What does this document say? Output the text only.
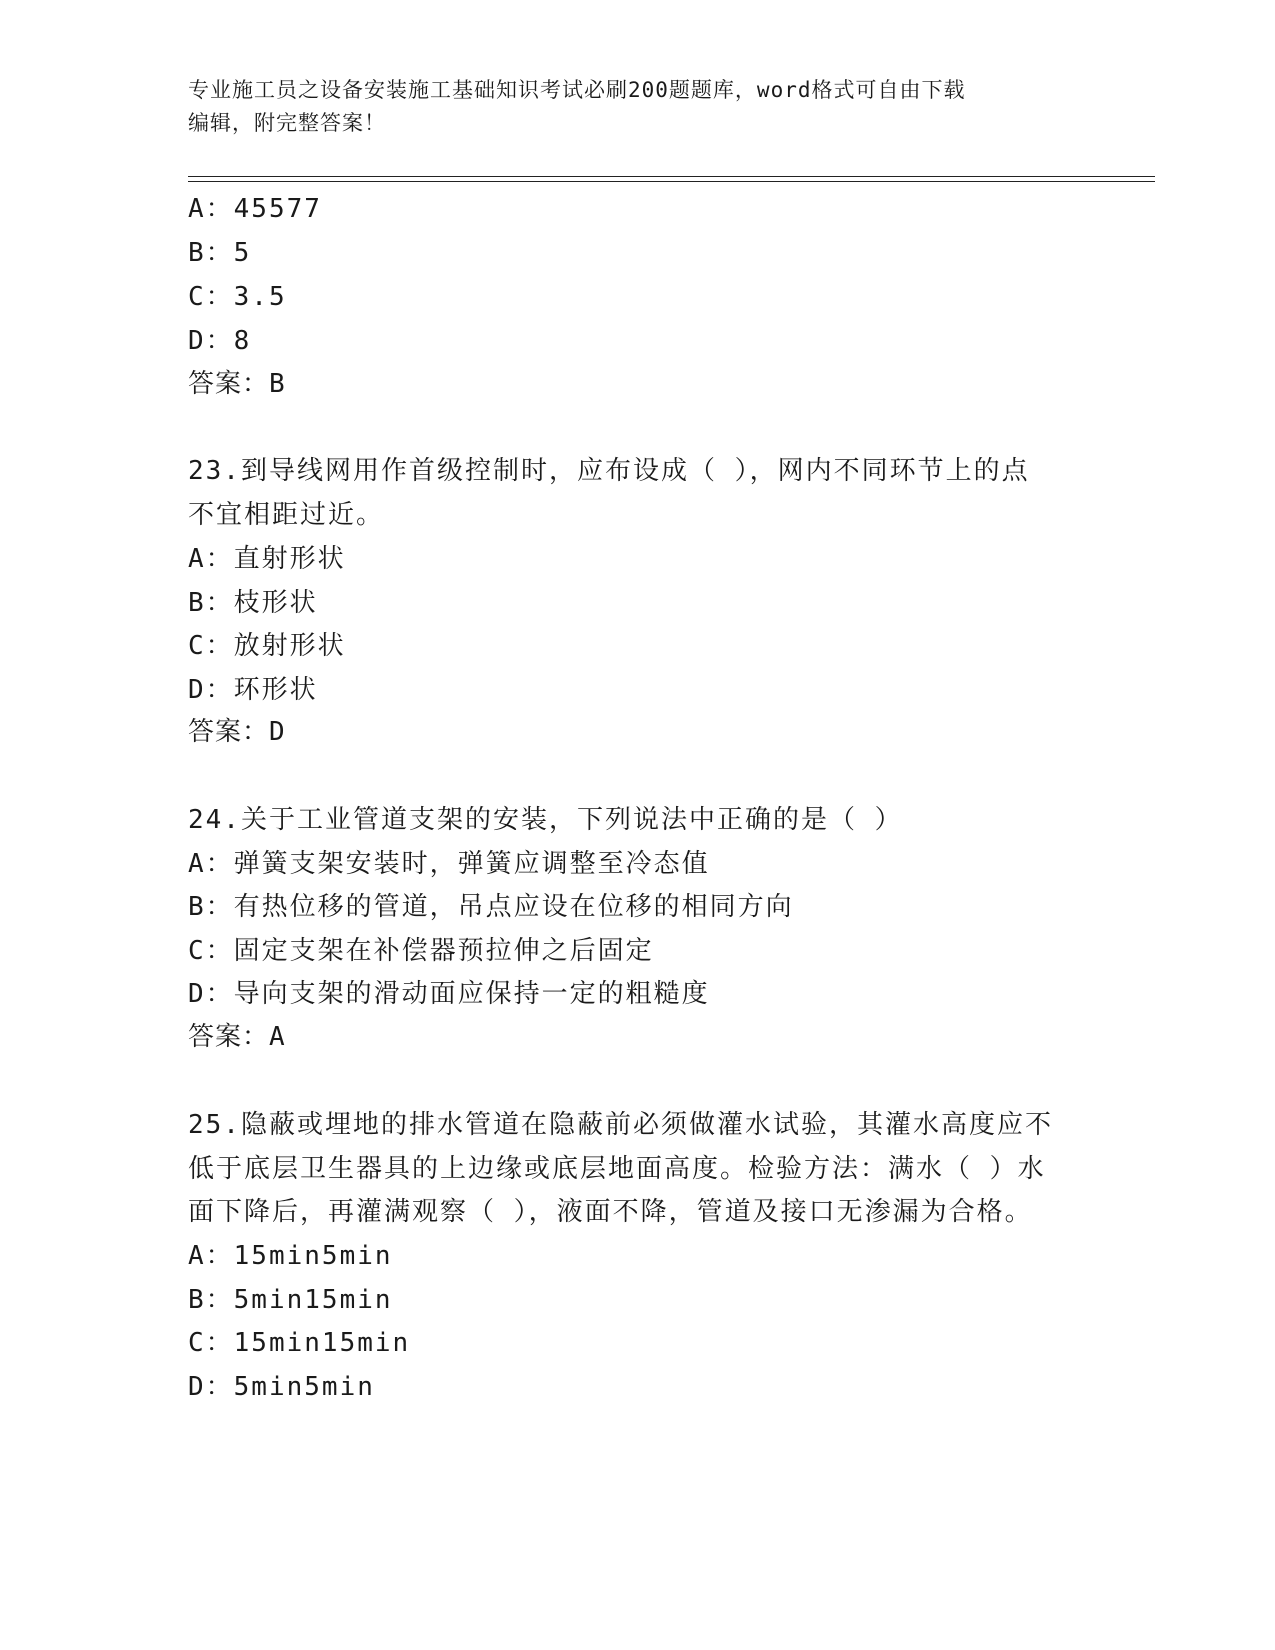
专业施工员之设备安装施工基础知识考试必刷200题题库，word格式可自由下载
编辑，附完整答案！

A：45577

B：5

C：3.5

D：8

答案：B

23.到导线网用作首级控制时，应布设成（ ），网内不同环节上的点

不宜相距过近。

A：直射形状

B：枝形状

C：放射形状

D：环形状

答案：D

24.关于工业管道支架的安装，下列说法中正确的是（ ）

A：弹簧支架安装时，弹簧应调整至冷态值

B：有热位移的管道，吊点应设在位移的相同方向

C：固定支架在补偿器预拉伸之后固定

D：导向支架的滑动面应保持一定的粗糙度

答案：A

25.隐蔽或埋地的排水管道在隐蔽前必须做灌水试验，其灌水高度应不

低于底层卫生器具的上边缘或底层地面高度。检验方法：满水（ ）水

面下降后，再灌满观察（ ），液面不降，管道及接口无渗漏为合格。

A：15min5min

B：5min15min

C：15min15min

D：5min5min
